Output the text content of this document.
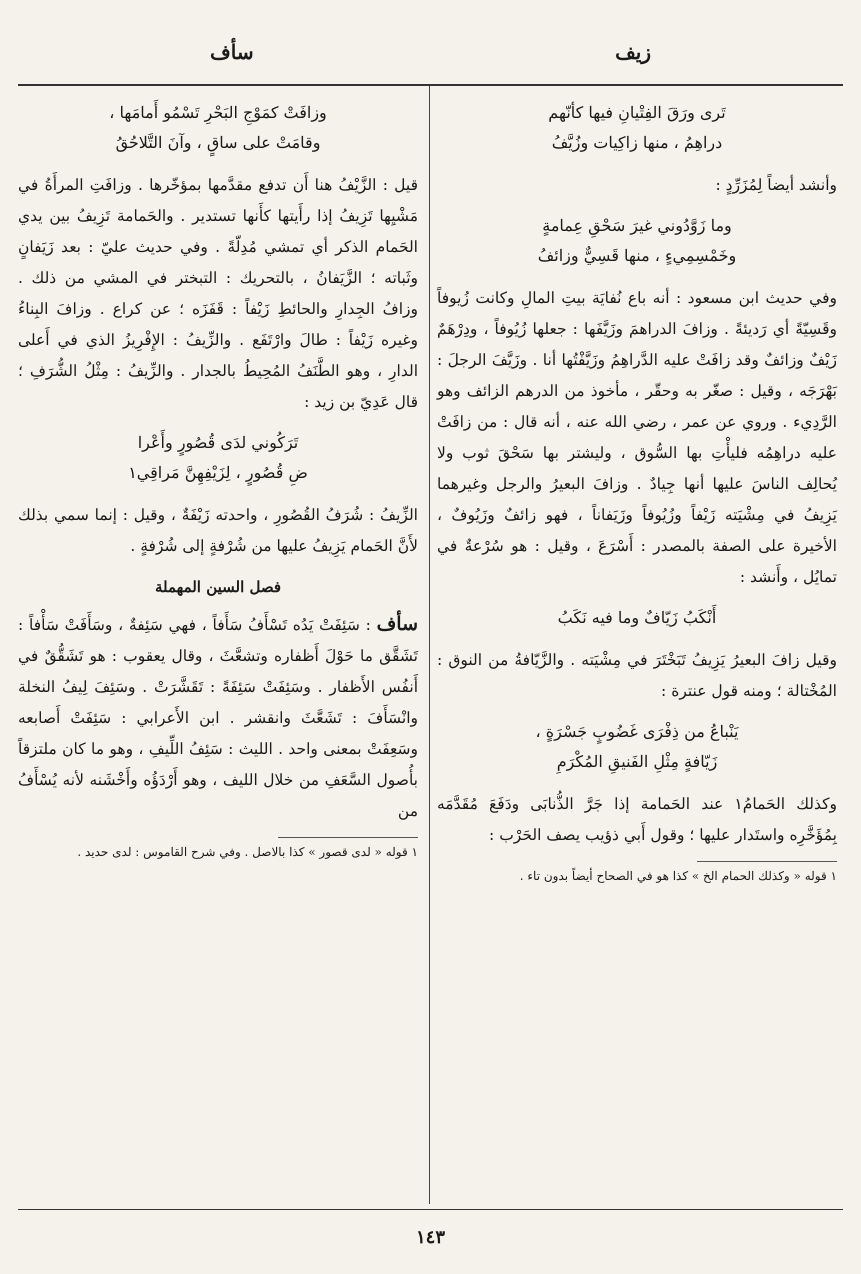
زيف
سأف
تَرى ورَقَ الفِتْيانِ فيها كأنّهم
دراهِمُ ، منها زاكِيات وزُيَّفُ

وأنشد أيضاً لِمُزَرِّدٍ :

وما زَوَّدُوني غيرَ سَحْقِ عِمامةٍ
وخَمْسِمِيءٍ ، منها قَسِيٌّ وزائفُ

وفي حديث ابن مسعود : أنه باع نُفايَة بيتِ المالِ وكانت زُيوفاً وقَسِيّةً أي رَديئةً . وزافَ الدراهمَ وزَيَّفَها : جعلها زُيُوفاً ، ودِرْهَمٌ زَيْفٌ وزائفٌ وقد زافَتْ عليه الدَّراهِمُ وزَيَّفْتُها أنا . وزَيَّفَ الرجلَ : بَهْرَجَه ، وقيل : صغّر به وحقّر ، مأخوذ من الدرهم الزائف وهو الرَّدِيء . وروي عن عمر ، رضي الله عنه ، أنه قال : من زافَتْ عليه دراهِمُه فليأْتِ بها السُّوق ، وليشتر بها سَحْقَ ثوب ولا يُحالِف الناسَ عليها أنها جِيادٌ . وزافَ البعيرُ والرجل وغيرهما يَزِيفُ في مِشْيَته زَيْفاً وزُيُوفاً وزَيَفاناً ، فهو زائفٌ وزَيُوفٌ ، الأخيرة على الصفة بالمصدر : أَسْرَعَ ، وقيل : هو سُرْعةٌ في تمايُل ، وأَنشد :

أَنْكَبُ زَيّافٌ وما فيه نَكَبُ

وقيل زافَ البعيرُ يَزِيفُ تَبَخْتَرَ في مِشْيَته . والزَّيّافةُ من النوق : المُخْتالة ؛ ومنه قول عنترة :

يَنْباعُ من ذِفْرَى غَضُوبٍ جَسْرَةٍ ،
زَيّافةٍ مِثْلِ الفَنيقِ المُكْرَمِ

وكذلك الحَمامُ١ عند الحَمامة إذا جَرَّ الذُّنابَى ودَفَعَ مُقَدَّمَه بِمُؤَخَّرِه واستَدار عليها ؛ وقول أَبي ذؤيب يصف الحَرْب :

١ قوله « وكذلك الحمام الخ » كذا هو في الصحاح أيضاً بدون تاء .
وزافَتْ كمَوْجِ البَحْرِ تَسْمُو أَمامَها ،
وقامَتْ على ساقٍ ، وآنَ التَّلاحُقُ

قيل : الزَّيْفُ هنا أَن تدفع مقدَّمها بمؤخّرها . وزافَتِ المرأَةُ في مَشْيِها تَزِيفُ إذا رأَيتها كأَنها تستدير . والحَمامة تَزِيفُ بين يدي الحَمام الذكر أي تمشي مُدِلّةً . وفي حديث عليّ : بعد زَيَفانٍ وثَباته ؛ الزَّيَفانُ ، بالتحريك : التبختر في المشي من ذلك . وزافُ الجِدارِ والحائطِ زَيْفاً : قَفَزَه ؛ عن كراع . وزافَ البِناءُ وغيره زَيْفاً : طالَ وارْتَفَع . والزِّيفُ : الإِفْرِيزُ الذي في أَعلى الدارِ ، وهو الطَّنَفُ المُحِيطُ بالجدار . والزِّيفُ : مِثْلُ الشُّرَفِ ؛ قال عَدِيّ بن زيد :

تَرَكُوني لدَى قُصُورٍ وأَعْرا
ضِ قُصُورٍ ، لِزَيْفِهِنَّ مَراقِي١

الزِّيفُ : شُرَفُ القُصُورِ ، واحدته زَيْفَةٌ ، وقيل : إنما سمي بذلك لأَنَّ الحَمام يَزِيفُ عليها من شُرْفةٍ إلى شُرْفةٍ .

فصل السين المهملة

سأف : سَئِفَتْ يَدُه تَسْأَفُ سَأَفاً ، فهي سَئِفةٌ ، وسَأَفَتْ سَأْفاً : تَشَقَّق ما حَوْلَ أَظفاره وتشعَّثَ ، وقال يعقوب : هو تَشَقُّقٌ في أَنفُس الأَظفار . وسَئِفَتْ سَئِفَةً : تَقَشَّرَتْ . وسَئِفَ لِيفُ النخلة وانْسَأَفَ : تَشَعَّثَ وانقشر . ابن الأَعرابي : سَئِفَتْ أَصابعه وسَعِفَتْ بمعنى واحد . الليث : سَئِفُ اللِّيفِ ، وهو ما كان ملتزقاً بأُصول السَّعَفِ من خلال الليف ، وهو أَرْدَؤُه وأَخْشَنه لأنه يُسْأَفُ من

١ قوله « لدى قصور » كذا بالاصل . وفي شرح القاموس : لدى حديد .
١٤٣
